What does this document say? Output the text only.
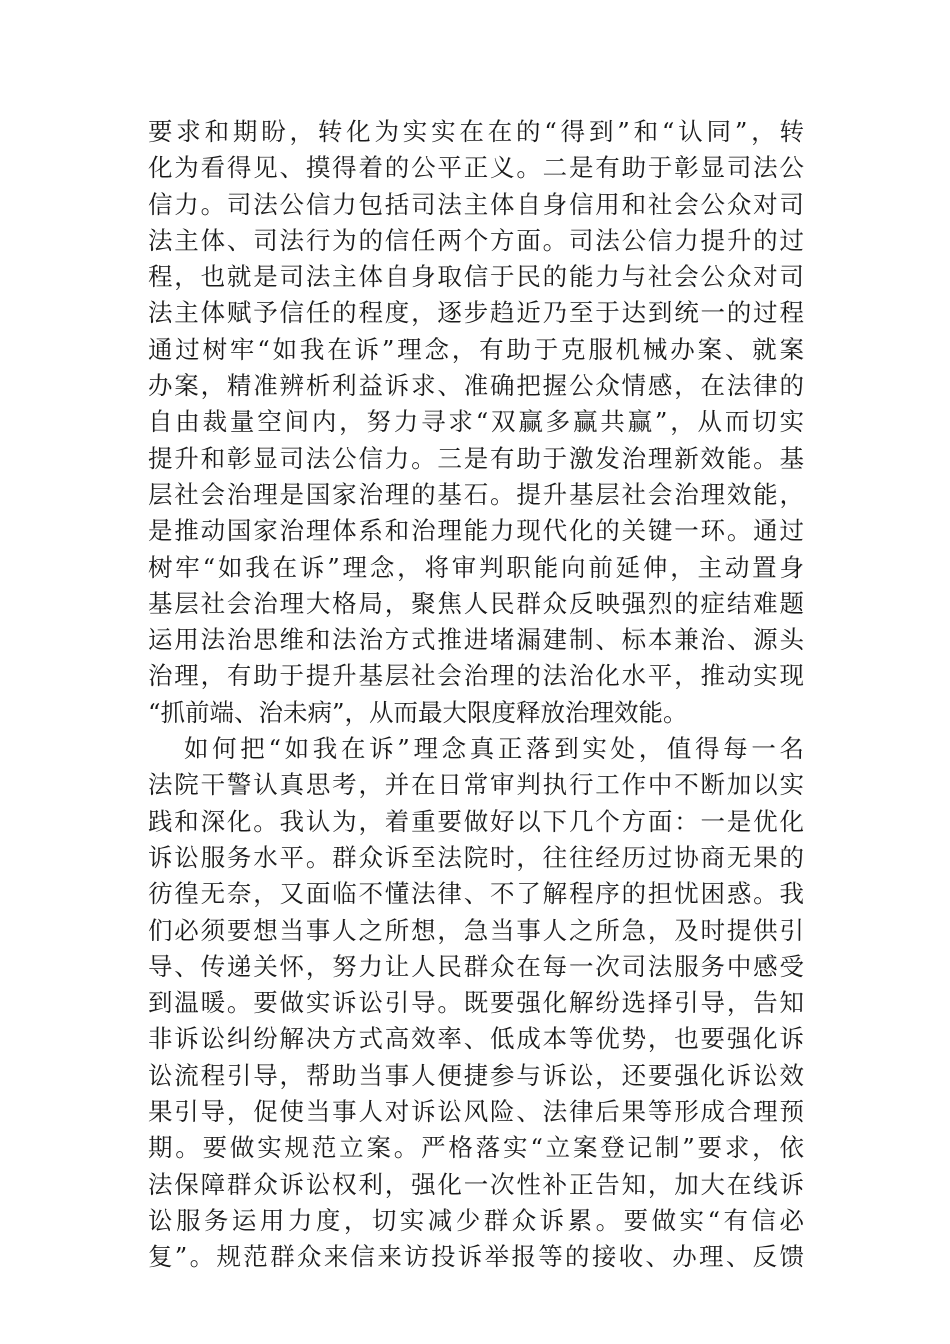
要求和期盼，转化为实实在在的“得到”和“认同”，转
化为看得见、摸得着的公平正义。二是有助于彰显司法公
信力。司法公信力包括司法主体自身信用和社会公众对司
法主体、司法行为的信任两个方面。司法公信力提升的过
程，也就是司法主体自身取信于民的能力与社会公众对司
法主体赋予信任的程度，逐步趋近乃至于达到统一的过程
通过树牢“如我在诉”理念，有助于克服机械办案、就案
办案，精准辨析利益诉求、准确把握公众情感，在法律的
自由裁量空间内，努力寻求“双赢多赢共赢”，从而切实
提升和彰显司法公信力。三是有助于激发治理新效能。基
层社会治理是国家治理的基石。提升基层社会治理效能，
是推动国家治理体系和治理能力现代化的关键一环。通过
树牢“如我在诉”理念，将审判职能向前延伸，主动置身
基层社会治理大格局，聚焦人民群众反映强烈的症结难题
运用法治思维和法治方式推进堵漏建制、标本兼治、源头
治理，有助于提升基层社会治理的法治化水平，推动实现
“抓前端、治未病”，从而最大限度释放治理效能。
如何把“如我在诉”理念真正落到实处，值得每一名
法院干警认真思考，并在日常审判执行工作中不断加以实
践和深化。我认为，着重要做好以下几个方面：一是优化
诉讼服务水平。群众诉至法院时，往往经历过协商无果的
彷徨无奈，又面临不懂法律、不了解程序的担忧困惑。我
们必须要想当事人之所想，急当事人之所急，及时提供引
导、传递关怀，努力让人民群众在每一次司法服务中感受
到温暖。要做实诉讼引导。既要强化解纷选择引导，告知
非诉讼纠纷解决方式高效率、低成本等优势，也要强化诉
讼流程引导，帮助当事人便捷参与诉讼，还要强化诉讼效
果引导，促使当事人对诉讼风险、法律后果等形成合理预
期。要做实规范立案。严格落实“立案登记制”要求，依
法保障群众诉讼权利，强化一次性补正告知，加大在线诉
讼服务运用力度，切实减少群众诉累。要做实“有信必
复”。规范群众来信来访投诉举报等的接收、办理、反馈
